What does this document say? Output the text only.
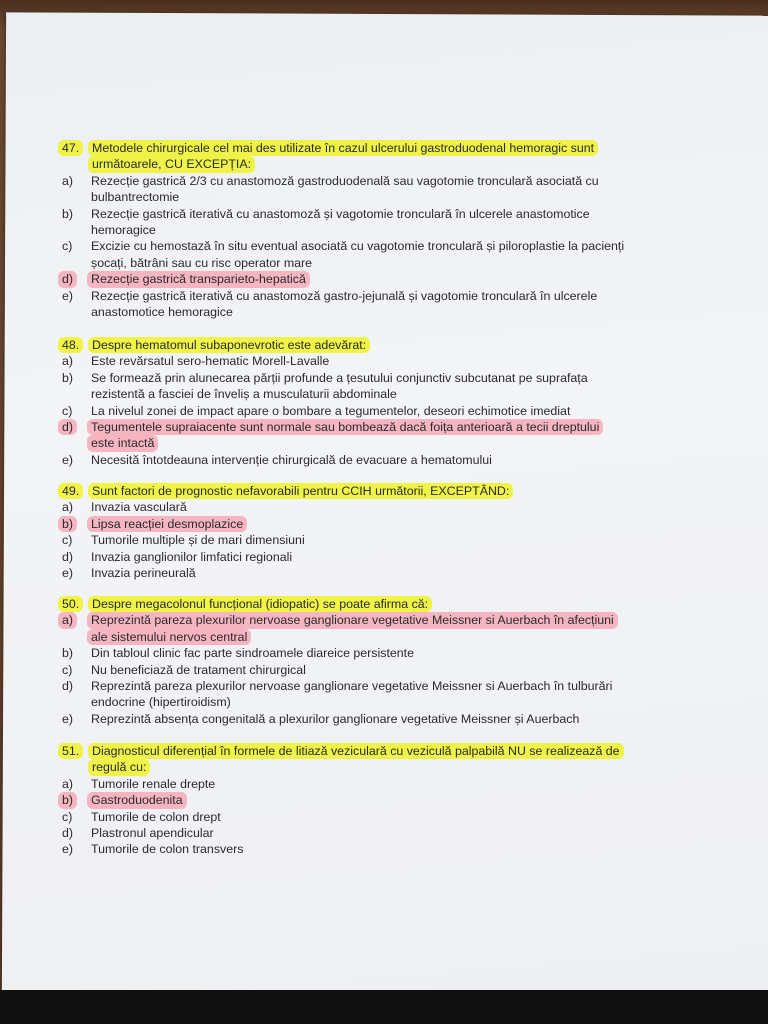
47.	Metodele chirurgicale cel mai des utilizate în cazul ulcerului gastroduodenal hemoragic sunt
următoarele, CU EXCEPȚIA:
a)	Rezecție gastrică 2/3 cu anastomoză gastroduodenală sau vagotomie tronculară asociată cu
bulbantrectomie
b)	Rezecție gastrică iterativă cu anastomoză și vagotomie tronculară în ulcerele anastomotice
hemoragice
c)	Excizie cu hemostază în situ eventual asociată cu vagotomie tronculară și piloroplastie la pacienți
șocați, bătrâni sau cu risc operator mare
d)	Rezecție gastrică transparieto-hepatică
e)	Rezecție gastrică iterativă cu anastomoză gastro-jejunală și vagotomie tronculară în ulcerele
anastomotice hemoragice
48.	Despre hematomul subaponevrotic este adevărat:
a)	Este revărsatul sero-hematic Morell-Lavalle
b)	Se formează prin alunecarea părții profunde a țesutului conjunctiv subcutanat pe suprafața
rezistentă a fasciei de înveliș a musculaturii abdominale
c)	La nivelul zonei de impact apare o bombare a tegumentelor, deseori echimotice imediat
d)	Tegumentele supraiacente sunt normale sau bombează dacă foița anterioară a tecii dreptului
este intactă
e)	Necesită întotdeauna intervenție chirurgicală de evacuare a hematomului
49.	Sunt factori de prognostic nefavorabili pentru CCIH următorii, EXCEPTÂND:
a)	Invazia vasculară
b)	Lipsa reacției desmoplazice
c)	Tumorile multiple și de mari dimensiuni
d)	Invazia ganglionilor limfatici regionali
e)	Invazia perineurală
50.	Despre megacolonul funcțional (idiopatic) se poate afirma că:
a)	Reprezintă pareza plexurilor nervoase ganglionare vegetative Meissner si Auerbach în afecțiuni
ale sistemului nervos central
b)	Din tabloul clinic fac parte sindroamele diareice persistente
c)	Nu beneficiază de tratament chirurgical
d)	Reprezintă pareza plexurilor nervoase ganglionare vegetative Meissner si Auerbach în tulburări
endocrine (hipertiroidism)
e)	Reprezintă absența congenitală a plexurilor ganglionare vegetative Meissner și Auerbach
51.	Diagnosticul diferențial în formele de litiază veziculară cu veziculă palpabilă NU se realizează de
regulă cu:
a)	Tumorile renale drepte
b)	Gastroduodenita
c)	Tumorile de colon drept
d)	Plastronul apendicular
e)	Tumorile de colon transvers
